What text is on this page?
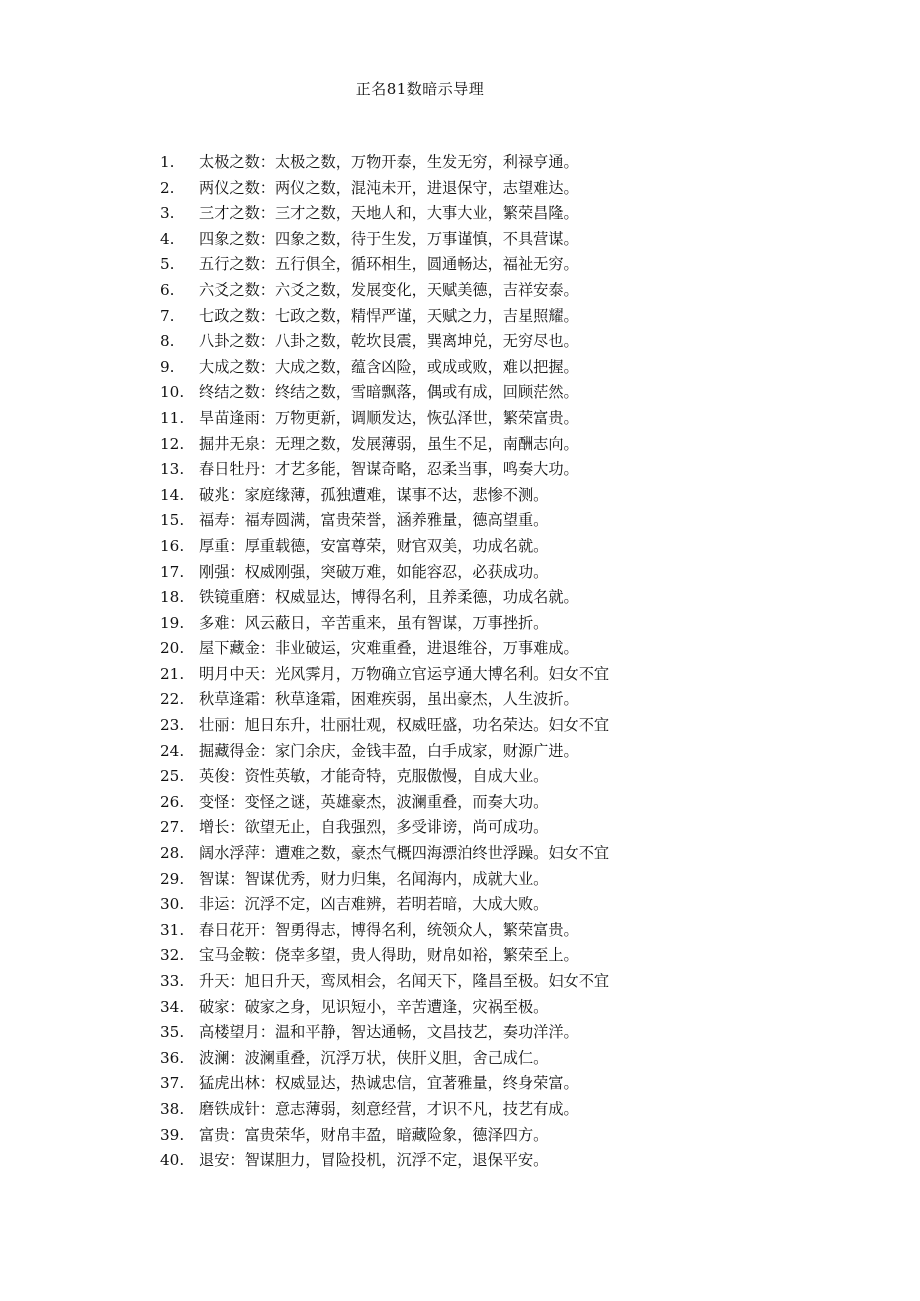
正名81数暗示导理
1.	太极之数：太极之数，万物开泰，生发无穷，利禄亨通。
2.	两仪之数：两仪之数，混沌未开，进退保守，志望难达。
3.	三才之数：三才之数，天地人和，大事大业，繁荣昌隆。
4.	四象之数：四象之数，待于生发，万事谨慎，不具营谋。
5.	五行之数：五行俱全，循环相生，圆通畅达，福祉无穷。
6.	六爻之数：六爻之数，发展变化，天赋美德，吉祥安泰。
7.	七政之数：七政之数，精悍严谨，天赋之力，吉星照耀。
8.	八卦之数：八卦之数，乾坎艮震，巽离坤兑，无穷尽也。
9.	大成之数：大成之数，蕴含凶险，或成或败，难以把握。
10. 终结之数：终结之数，雪暗飘落，偶或有成，回顾茫然。
11. 旱苗逢雨：万物更新，调顺发达，恢弘泽世，繁荣富贵。
12. 掘井无泉：无理之数，发展薄弱，虽生不足，南酬志向。
13. 春日牡丹：才艺多能，智谋奇略，忍柔当事，鸣奏大功。
14. 破兆：家庭缘薄，孤独遭难，谋事不达，悲惨不测。
15. 福寿：福寿圆满，富贵荣誉，涵养雅量，德高望重。
16. 厚重：厚重载德，安富尊荣，财官双美，功成名就。
17. 刚强：权威刚强，突破万难，如能容忍，必获成功。
18. 铁镜重磨：权威显达，博得名利，且养柔德，功成名就。
19. 多难：风云蔽日，辛苦重来，虽有智谋，万事挫折。
20. 屋下藏金：非业破运，灾难重叠，进退维谷，万事难成。
21. 明月中天：光风霁月，万物确立官运亨通大博名利。妇女不宜
22. 秋草逢霜：秋草逢霜，困难疾弱，虽出豪杰，人生波折。
23. 壮丽：旭日东升，壮丽壮观，权威旺盛，功名荣达。妇女不宜
24. 掘藏得金：家门余庆，金钱丰盈，白手成家，财源广进。
25. 英俊：资性英敏，才能奇特，克服傲慢，自成大业。
26. 变怪：变怪之谜，英雄豪杰，波澜重叠，而奏大功。
27. 增长：欲望无止，自我强烈，多受诽谤，尚可成功。
28. 阔水浮萍：遭难之数，豪杰气概四海漂泊终世浮躁。妇女不宜
29. 智谋：智谋优秀，财力归集，名闻海内，成就大业。
30. 非运：沉浮不定，凶吉难辨，若明若暗，大成大败。
31. 春日花开：智勇得志，博得名利，统领众人，繁荣富贵。
32. 宝马金鞍：侥幸多望，贵人得助，财帛如裕，繁荣至上。
33. 升天：旭日升天，鸾凤相会，名闻天下，隆昌至极。妇女不宜
34. 破家：破家之身，见识短小，辛苦遭逢，灾祸至极。
35. 高楼望月：温和平静，智达通畅，文昌技艺，奏功洋洋。
36. 波澜：波澜重叠，沉浮万状，侠肝义胆，舍己成仁。
37. 猛虎出林：权威显达，热诚忠信，宜著雅量，终身荣富。
38. 磨铁成针：意志薄弱，刻意经营，才识不凡，技艺有成。
39. 富贵：富贵荣华，财帛丰盈，暗藏险象，德泽四方。
40. 退安：智谋胆力，冒险投机，沉浮不定，退保平安。
